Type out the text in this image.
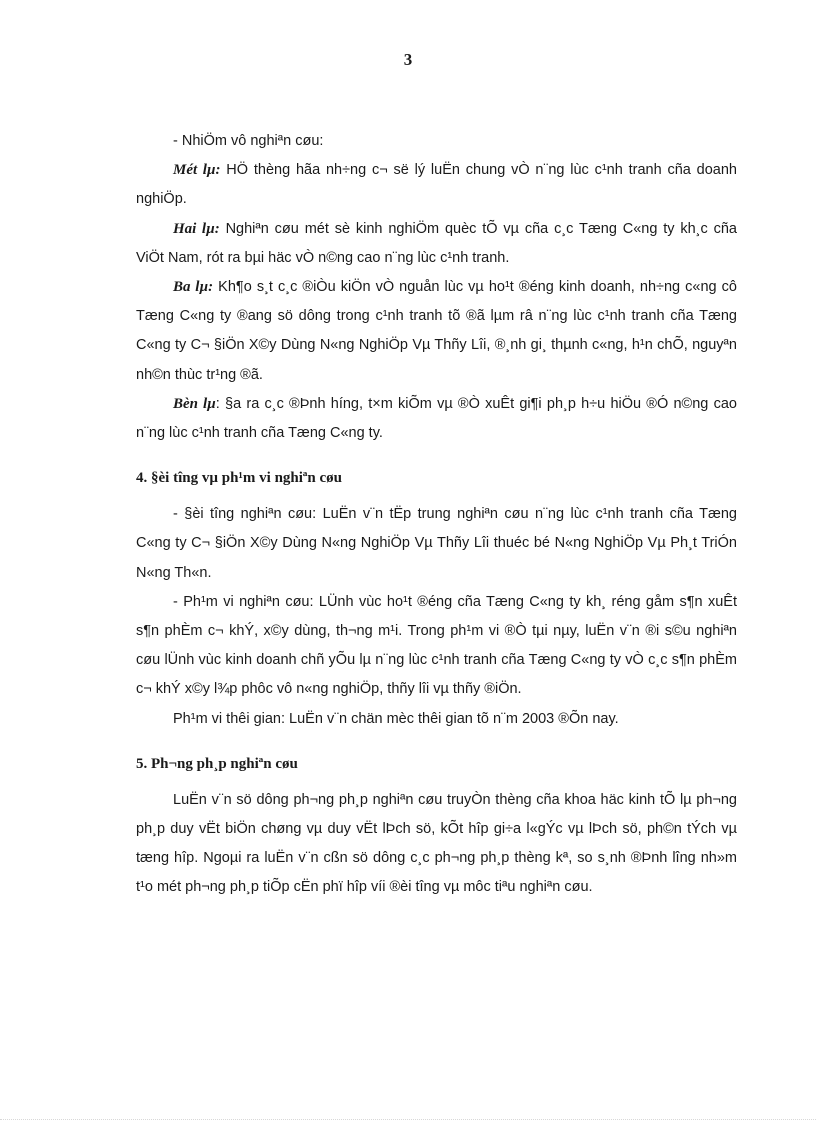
3

- NhiÖm vô nghiªn cøu:

Mét lµ: HÖ thèng hãa nh÷ng c¬ së lý luËn chung vÒ n¨ng lùc c¹nh tranh cña doanh nghiÖp.

Hai lµ: Nghiªn cøu mét sè kinh nghiÖm quèc tÕ vµ cña c¸c Tæng C«ng ty kh¸c cña ViÖt Nam, rót ra bµi häc vÒ n©ng cao n¨ng lùc c¹nh tranh.

Ba lµ: Kh¶o s¸t c¸c ®iÒu kiÖn vÒ nguån lùc vµ ho¹t ®éng kinh doanh, nh÷ng c«ng cô Tæng C«ng ty ®ang sö dông trong c¹nh tranh tõ ®ã lµm râ n¨ng lùc c¹nh tranh cña Tæng C«ng ty C¬ §iÖn X©y Dùng N«ng NghiÖp Vµ Thñy Lîi, ®¸nh gi¸ thµnh c«ng, h¹n chÕ, nguyªn nh©n thùc tr¹ng ®ã.

Bèn lµ: §a ra c¸c ®Þnh híng, t×m kiÕm vµ ®Ò xuÊt gi¶i ph¸p h÷u hiÖu ®Ó n©ng cao n¨ng lùc c¹nh tranh cña Tæng C«ng ty.

4. §èi tîng vµ ph¹m vi nghiªn cøu

- §èi tîng nghiªn cøu: LuËn v¨n tËp trung nghiªn cøu n¨ng lùc c¹nh tranh cña Tæng C«ng ty C¬ §iÖn X©y Dùng N«ng NghiÖp Vµ Thñy Lîi thuéc bé N«ng NghiÖp Vµ Ph¸t TriÓn N«ng Th«n.

- Ph¹m vi nghiªn cøu: LÜnh vùc ho¹t ®éng cña Tæng C«ng ty kh¸ réng gåm s¶n xuÊt s¶n phÈm c¬ khÝ, x©y dùng, th¬ng m¹i. Trong ph¹m vi ®Ò tµi nµy, luËn v¨n ®i s©u nghiªn cøu lÜnh vùc kinh doanh chñ yÕu lµ n¨ng lùc c¹nh tranh cña Tæng C«ng ty vÒ c¸c s¶n phÈm c¬ khÝ x©y l¾p phôc vô n«ng nghiÖp, thñy lîi vµ thñy ®iÖn.

Ph¹m vi thêi gian: LuËn v¨n chän mèc thêi gian tõ n¨m 2003 ®Õn nay.

5. Ph¬ng ph¸p nghiªn cøu

LuËn v¨n sö dông ph¬ng ph¸p nghiªn cøu truyÒn thèng cña khoa häc kinh tÕ lµ ph¬ng ph¸p duy vËt biÖn chøng vµ duy vËt lÞch sö, kÕt hîp gi÷a l«gÝc vµ lÞch sö, ph©n tÝch vµ tæng hîp. Ngoµi ra luËn v¨n cßn sö dông c¸c ph¬ng ph¸p thèng kª, so s¸nh ®Þnh lîng nh»m t¹o mét ph¬ng ph¸p tiÕp cËn phï hîp víi ®èi tîng vµ môc tiªu nghiªn cøu.
